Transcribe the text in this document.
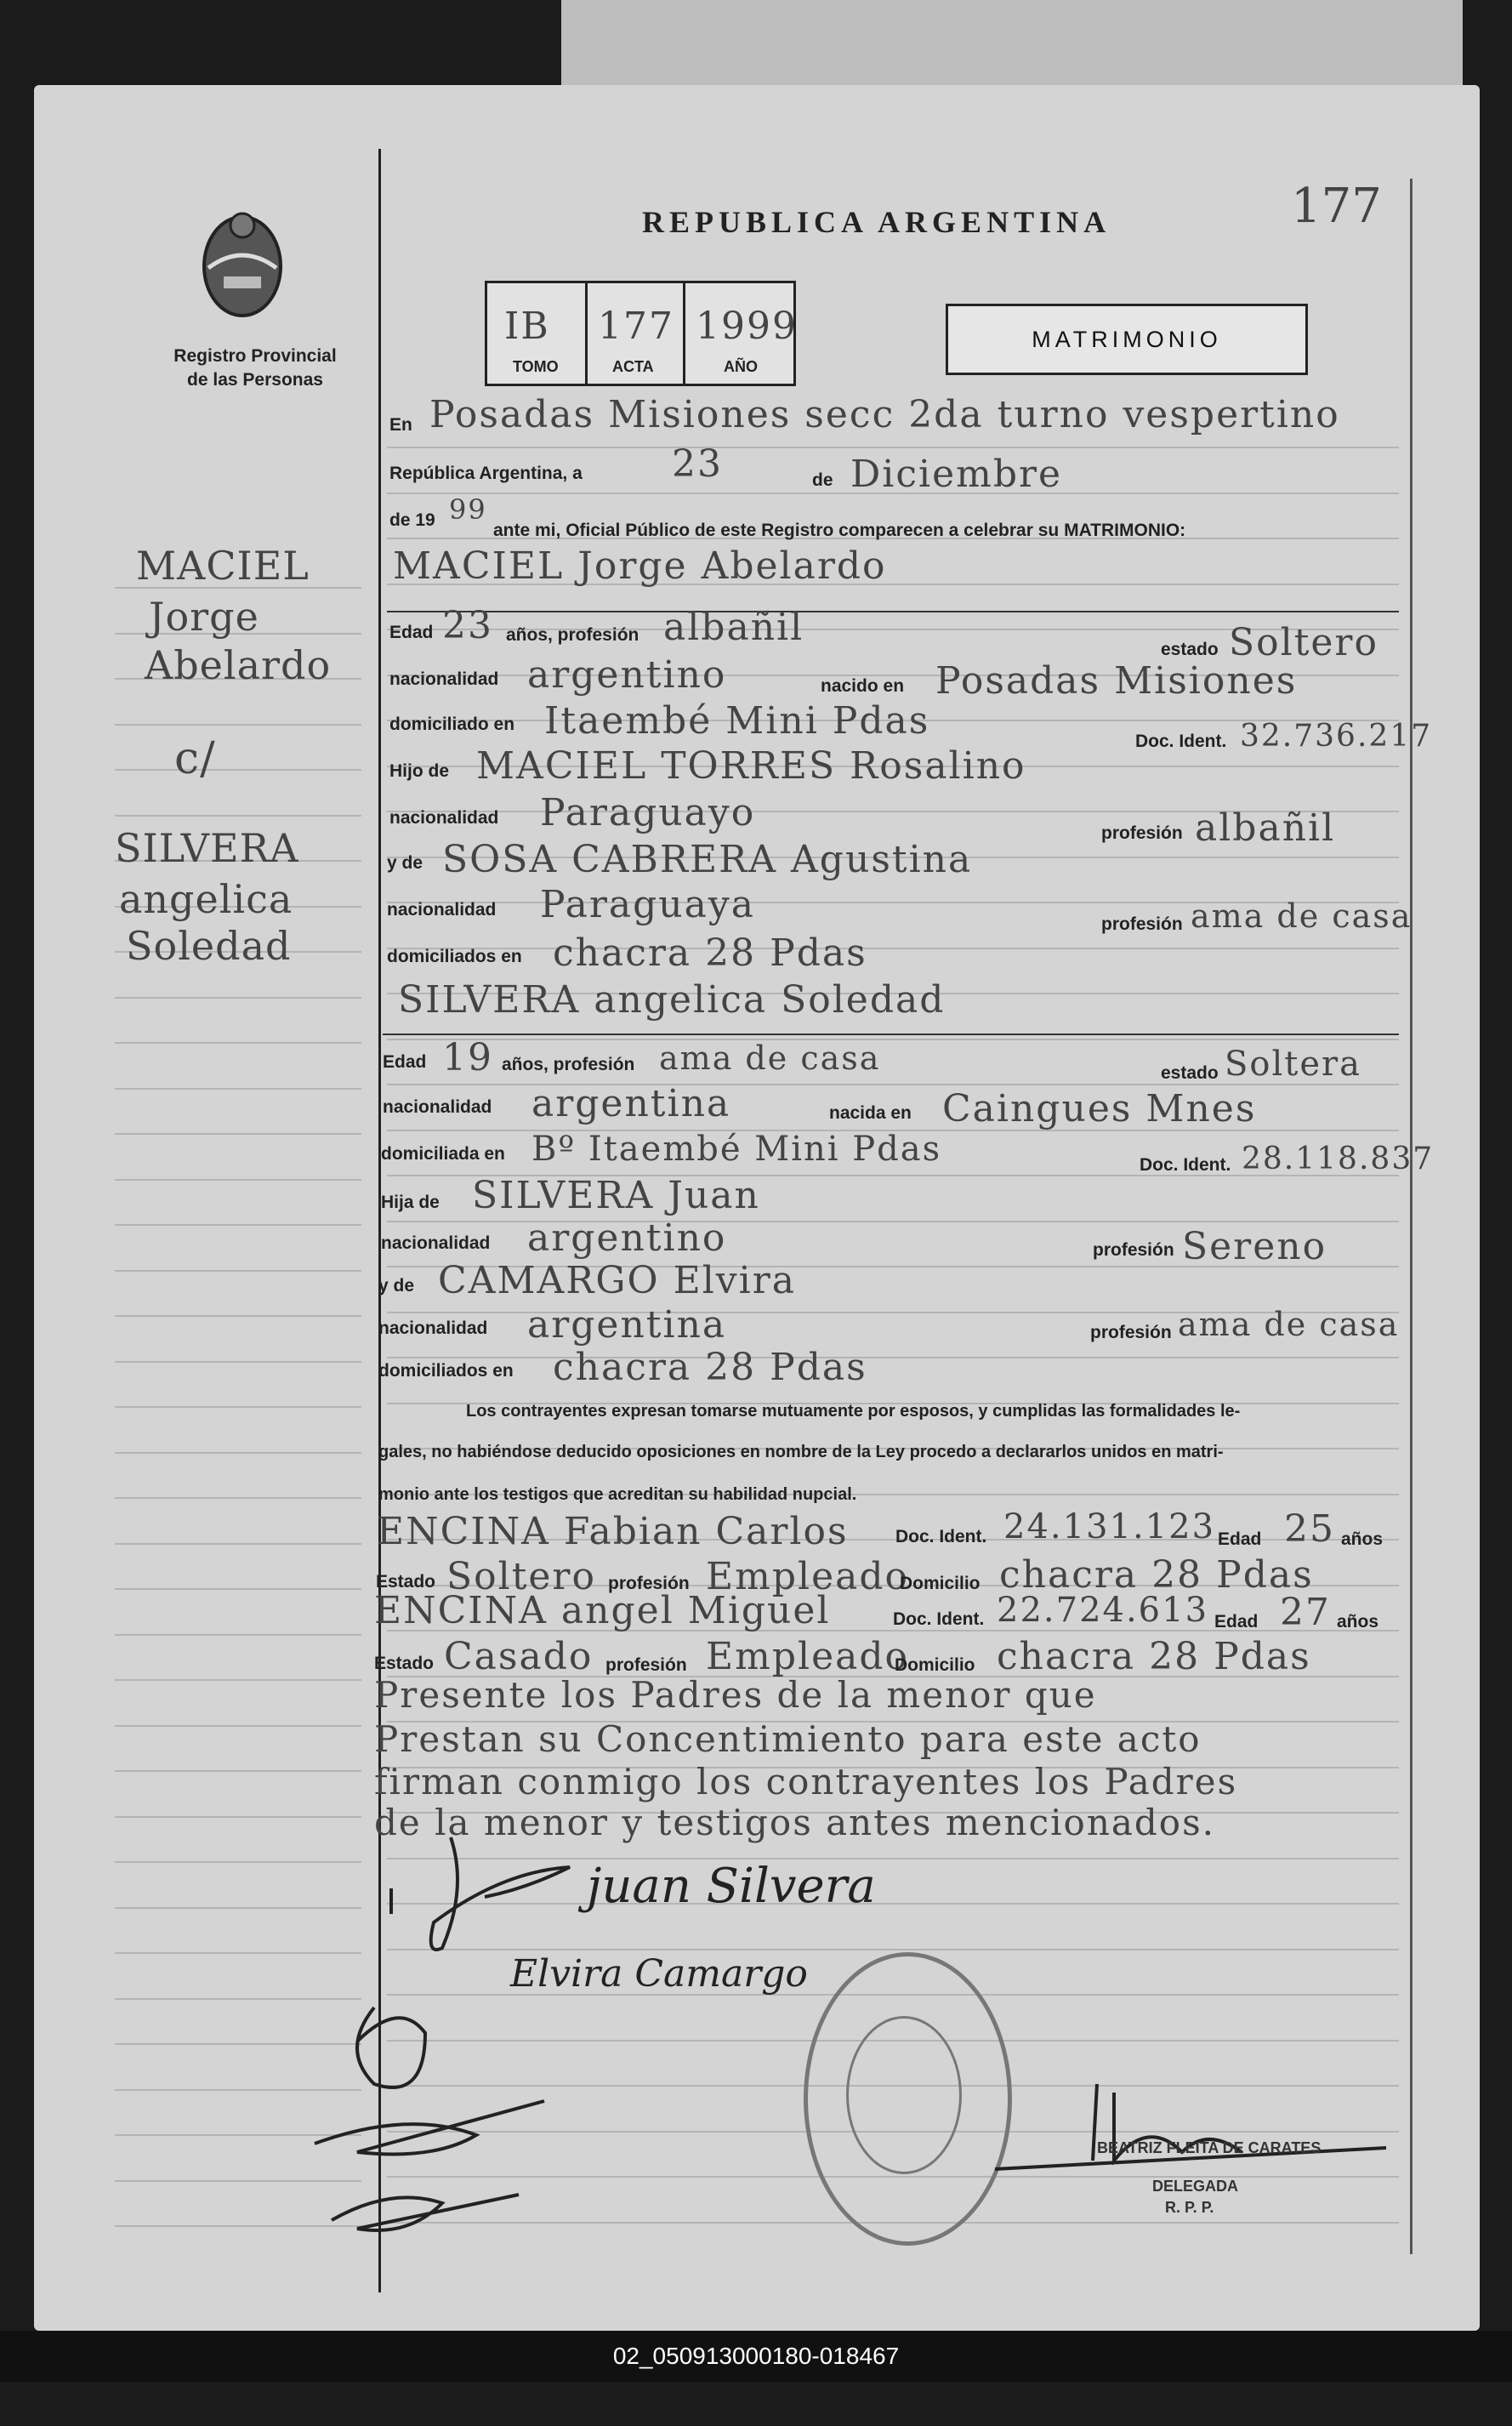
Registro Provincial
de las Personas
REPUBLICA ARGENTINA	177
IB 177 1999
TOMO	ACTA	AÑO
MATRIMONIO
MACIEL
Jorge
Abelardo
c/
SILVERA
angelica
Soledad
En Posadas Misiones secc 2da turno vespertino
República Argentina, a 23	de Diciembre
de 19 99
ante mi, Oficial Público de este Registro comparecen a celebrar su MATRIMONIO:
MACIEL Jorge Abelardo
Edad 23 años, profesión albañil
estado Soltero
nacionalidad argentino	nacido en Posadas Misiones
domiciliado en Itaembé Mini Pdas	Doc. Ident. 32.736.217
Hijo de MACIEL TORRES Rosalino
nacionalidad Paraguayo	profesión albañil
y de SOSA CABRERA Agustina
nacionalidad Paraguaya	profesión ama de casa
domiciliados en chacra 28 Pdas
SILVERA angelica Soledad
Edad 19 años, profesión ama de casa	estado Soltera
nacionalidad argentina	nacida en Caingues Mnes
domiciliada en Bº Itaembé Mini Pdas	Doc. Ident. 28.118.837
Hija de SILVERA Juan
nacionalidad argentino	profesión Sereno
y de CAMARGO Elvira
nacionalidad argentina	profesión ama de casa
domiciliados en chacra 28 Pdas
Los contrayentes expresan tomarse mutuamente por esposos, y cumplidas las formalidades le-
gales, no habiéndose deducido oposiciones en nombre de la Ley procedo a declararlos unidos en matri-
monio ante los testigos que acreditan su habilidad nupcial.
ENCINA Fabian Carlos	Doc. Ident. 24.131.123 Edad 25 años
Estado Soltero profesión Empleado
Domicilio chacra 28 Pdas
ENCINA angel Miguel	Doc. Ident. 22.724.613 Edad 27 años
Estado Casado profesión Empleado
Domicilio chacra 28 Pdas
Presente los Padres de la menor que
Prestan su Concentimiento para este acto
firman conmigo los contrayentes los Padres
de la menor y testigos antes mencionados.
juan Silvera
Elvira Camargo
BEATRIZ FLEITA DE CARATES
DELEGADA
R. P. P.
02_050913000180-018467
